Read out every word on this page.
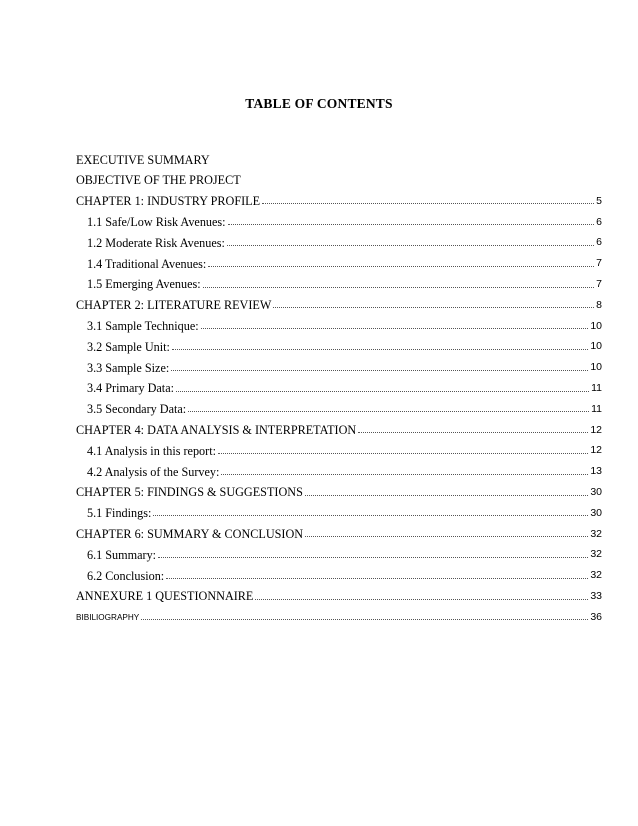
TABLE OF CONTENTS
EXECUTIVE SUMMARY
OBJECTIVE OF THE PROJECT
CHAPTER 1: INDUSTRY PROFILE	5
1.1 Safe/Low Risk Avenues:	6
1.2 Moderate Risk Avenues:	6
1.4 Traditional Avenues:	7
1.5 Emerging Avenues:	7
CHAPTER 2: LITERATURE REVIEW	8
3.1 Sample Technique:	10
3.2 Sample Unit:	10
3.3 Sample Size:	10
3.4 Primary Data:	11
3.5 Secondary Data:	11
CHAPTER 4: DATA ANALYSIS & INTERPRETATION	12
4.1 Analysis in this report:	12
4.2 Analysis of the Survey:	13
CHAPTER 5: FINDINGS & SUGGESTIONS	30
5.1 Findings:	30
CHAPTER 6: SUMMARY & CONCLUSION	32
6.1 Summary:	32
6.2 Conclusion:	32
ANNEXURE 1 QUESTIONNAIRE	33
BIBILIOGRAPHY	36
